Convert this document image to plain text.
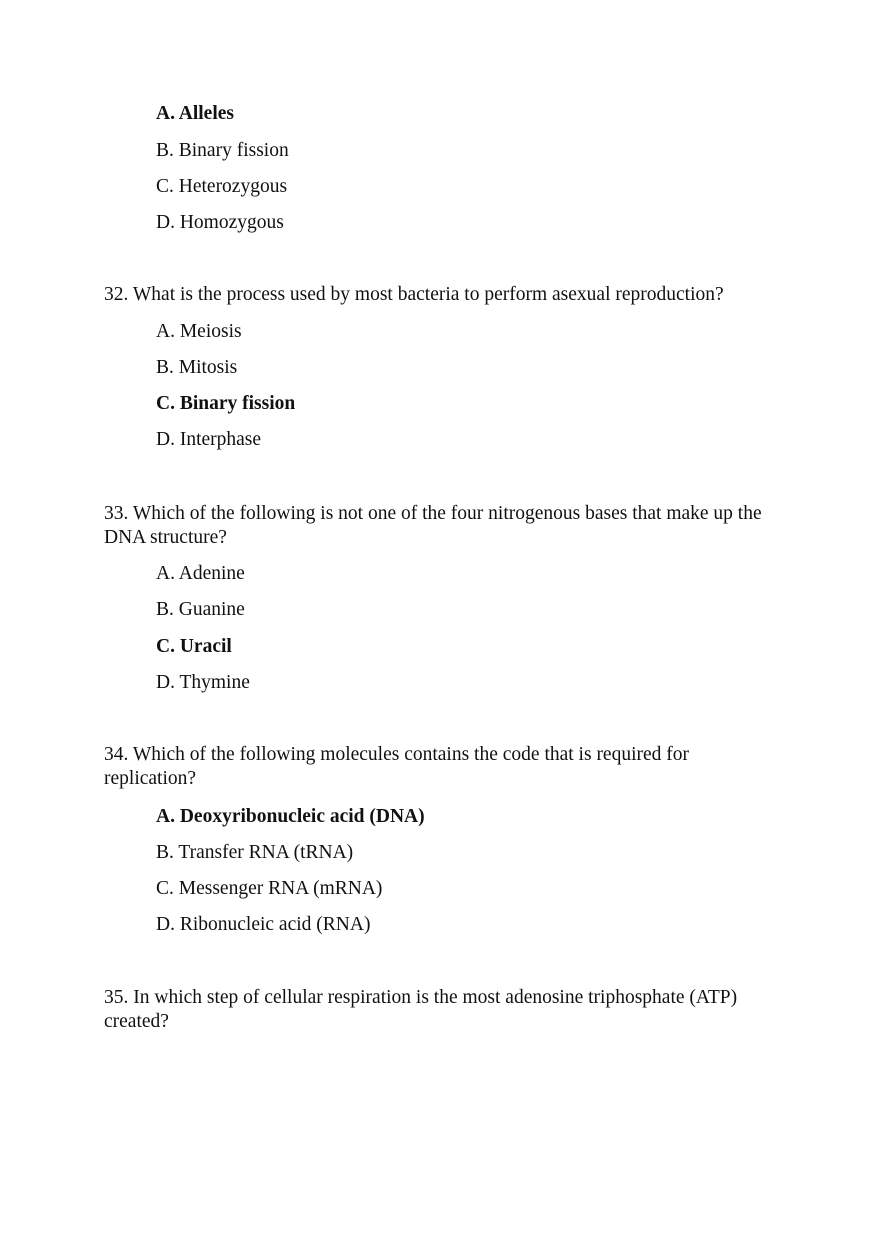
A. Alleles
B. Binary fission
C. Heterozygous
D. Homozygous
32. What is the process used by most bacteria to perform asexual reproduction?
A. Meiosis
B. Mitosis
C. Binary fission
D. Interphase
33. Which of the following is not one of the four nitrogenous bases that make up the DNA structure?
A. Adenine
B. Guanine
C. Uracil
D. Thymine
34. Which of the following molecules contains the code that is required for replication?
A. Deoxyribonucleic acid (DNA)
B. Transfer RNA (tRNA)
C. Messenger RNA (mRNA)
D. Ribonucleic acid (RNA)
35. In which step of cellular respiration is the most adenosine triphosphate (ATP) created?
